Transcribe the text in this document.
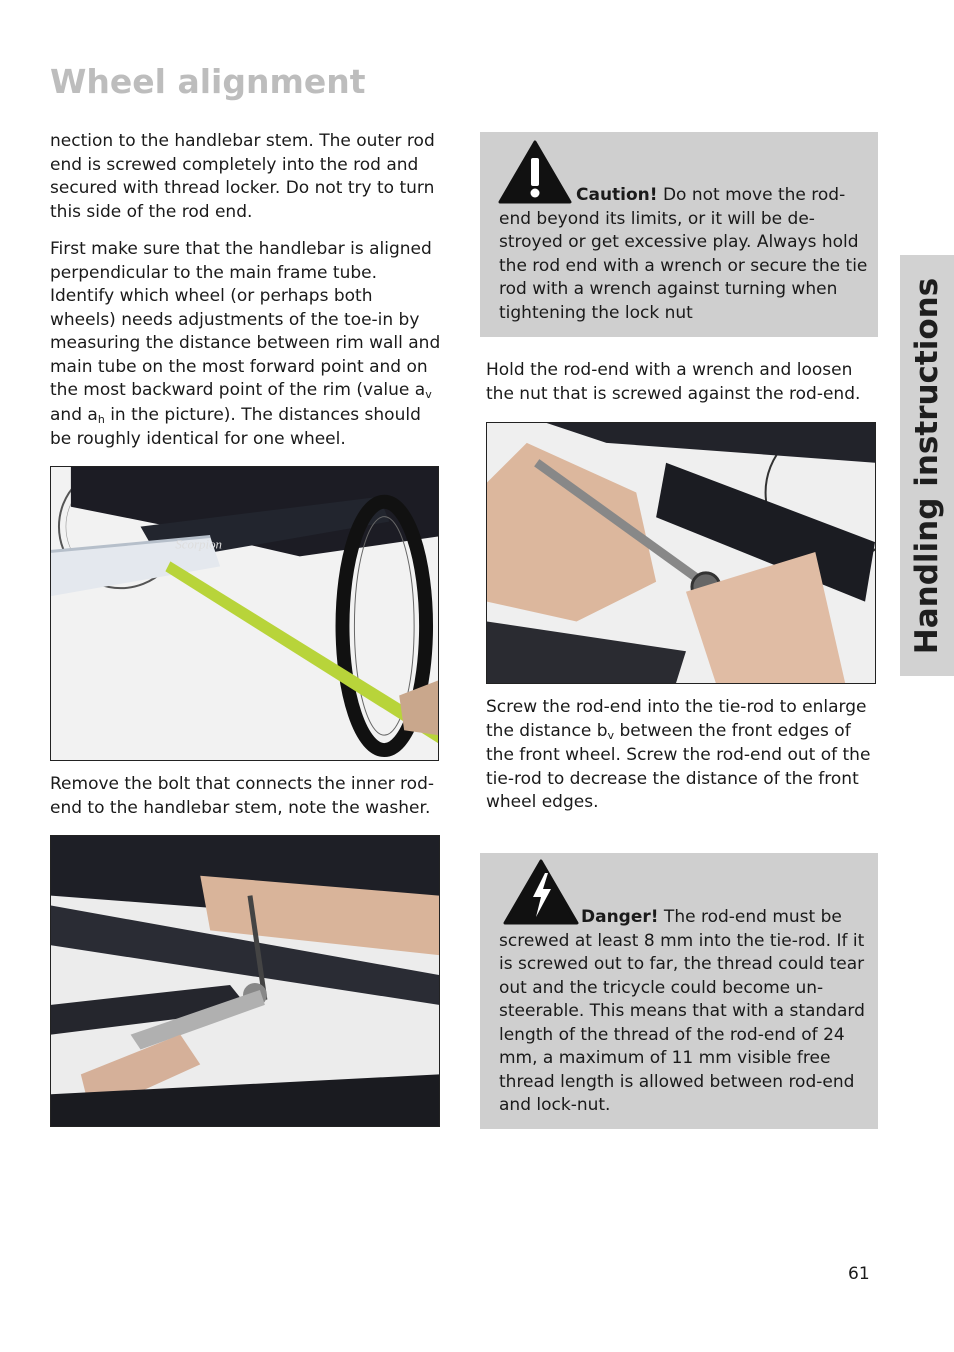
Wheel alignment

nection to the handlebar stem. The outer rod end is screwed completely into the rod and secured with thread locker. Do not try to turn this side of the rod end.

First make sure that the handlebar is aligned perpendicular to the main frame tube. Identify which wheel (or perhaps both wheels) needs adjustments of the toe-in by measuring the distance between rim wall and main tube on the most forward point and on the most backward point of the rim (value $a_v$ and $a_h$ in the picture). The distances should be roughly identical for one wheel.

Scorpion

Remove the bolt that connects the inner rod-end to the handlebar stem, note the washer.

Caution! Do not move the rod-end beyond its limits, or it will be de-stroyed or get excessive play. Always hold the rod end with a wrench or secure the tie rod with a wrench against turning when tightening the lock nut

Hold the rod-end with a wrench and loosen the nut that is screwed against the rod-end.

Screw the rod-end into the tie-rod to enlarge the distance $b_v$ between the front edges of the front wheel. Screw the rod-end out of the tie-rod to decrease the distance of the front wheel edges.

Danger! The rod-end must be screwed at least 8 mm into the tie-rod. If it is screwed out to far, the thread could tear out and the tricycle could become un-steerable. This means that with a standard length of the thread of the rod-end of 24 mm, a maximum of 11 mm visible free thread length is allowed between rod-end and lock-nut.

Handling instructions
61
